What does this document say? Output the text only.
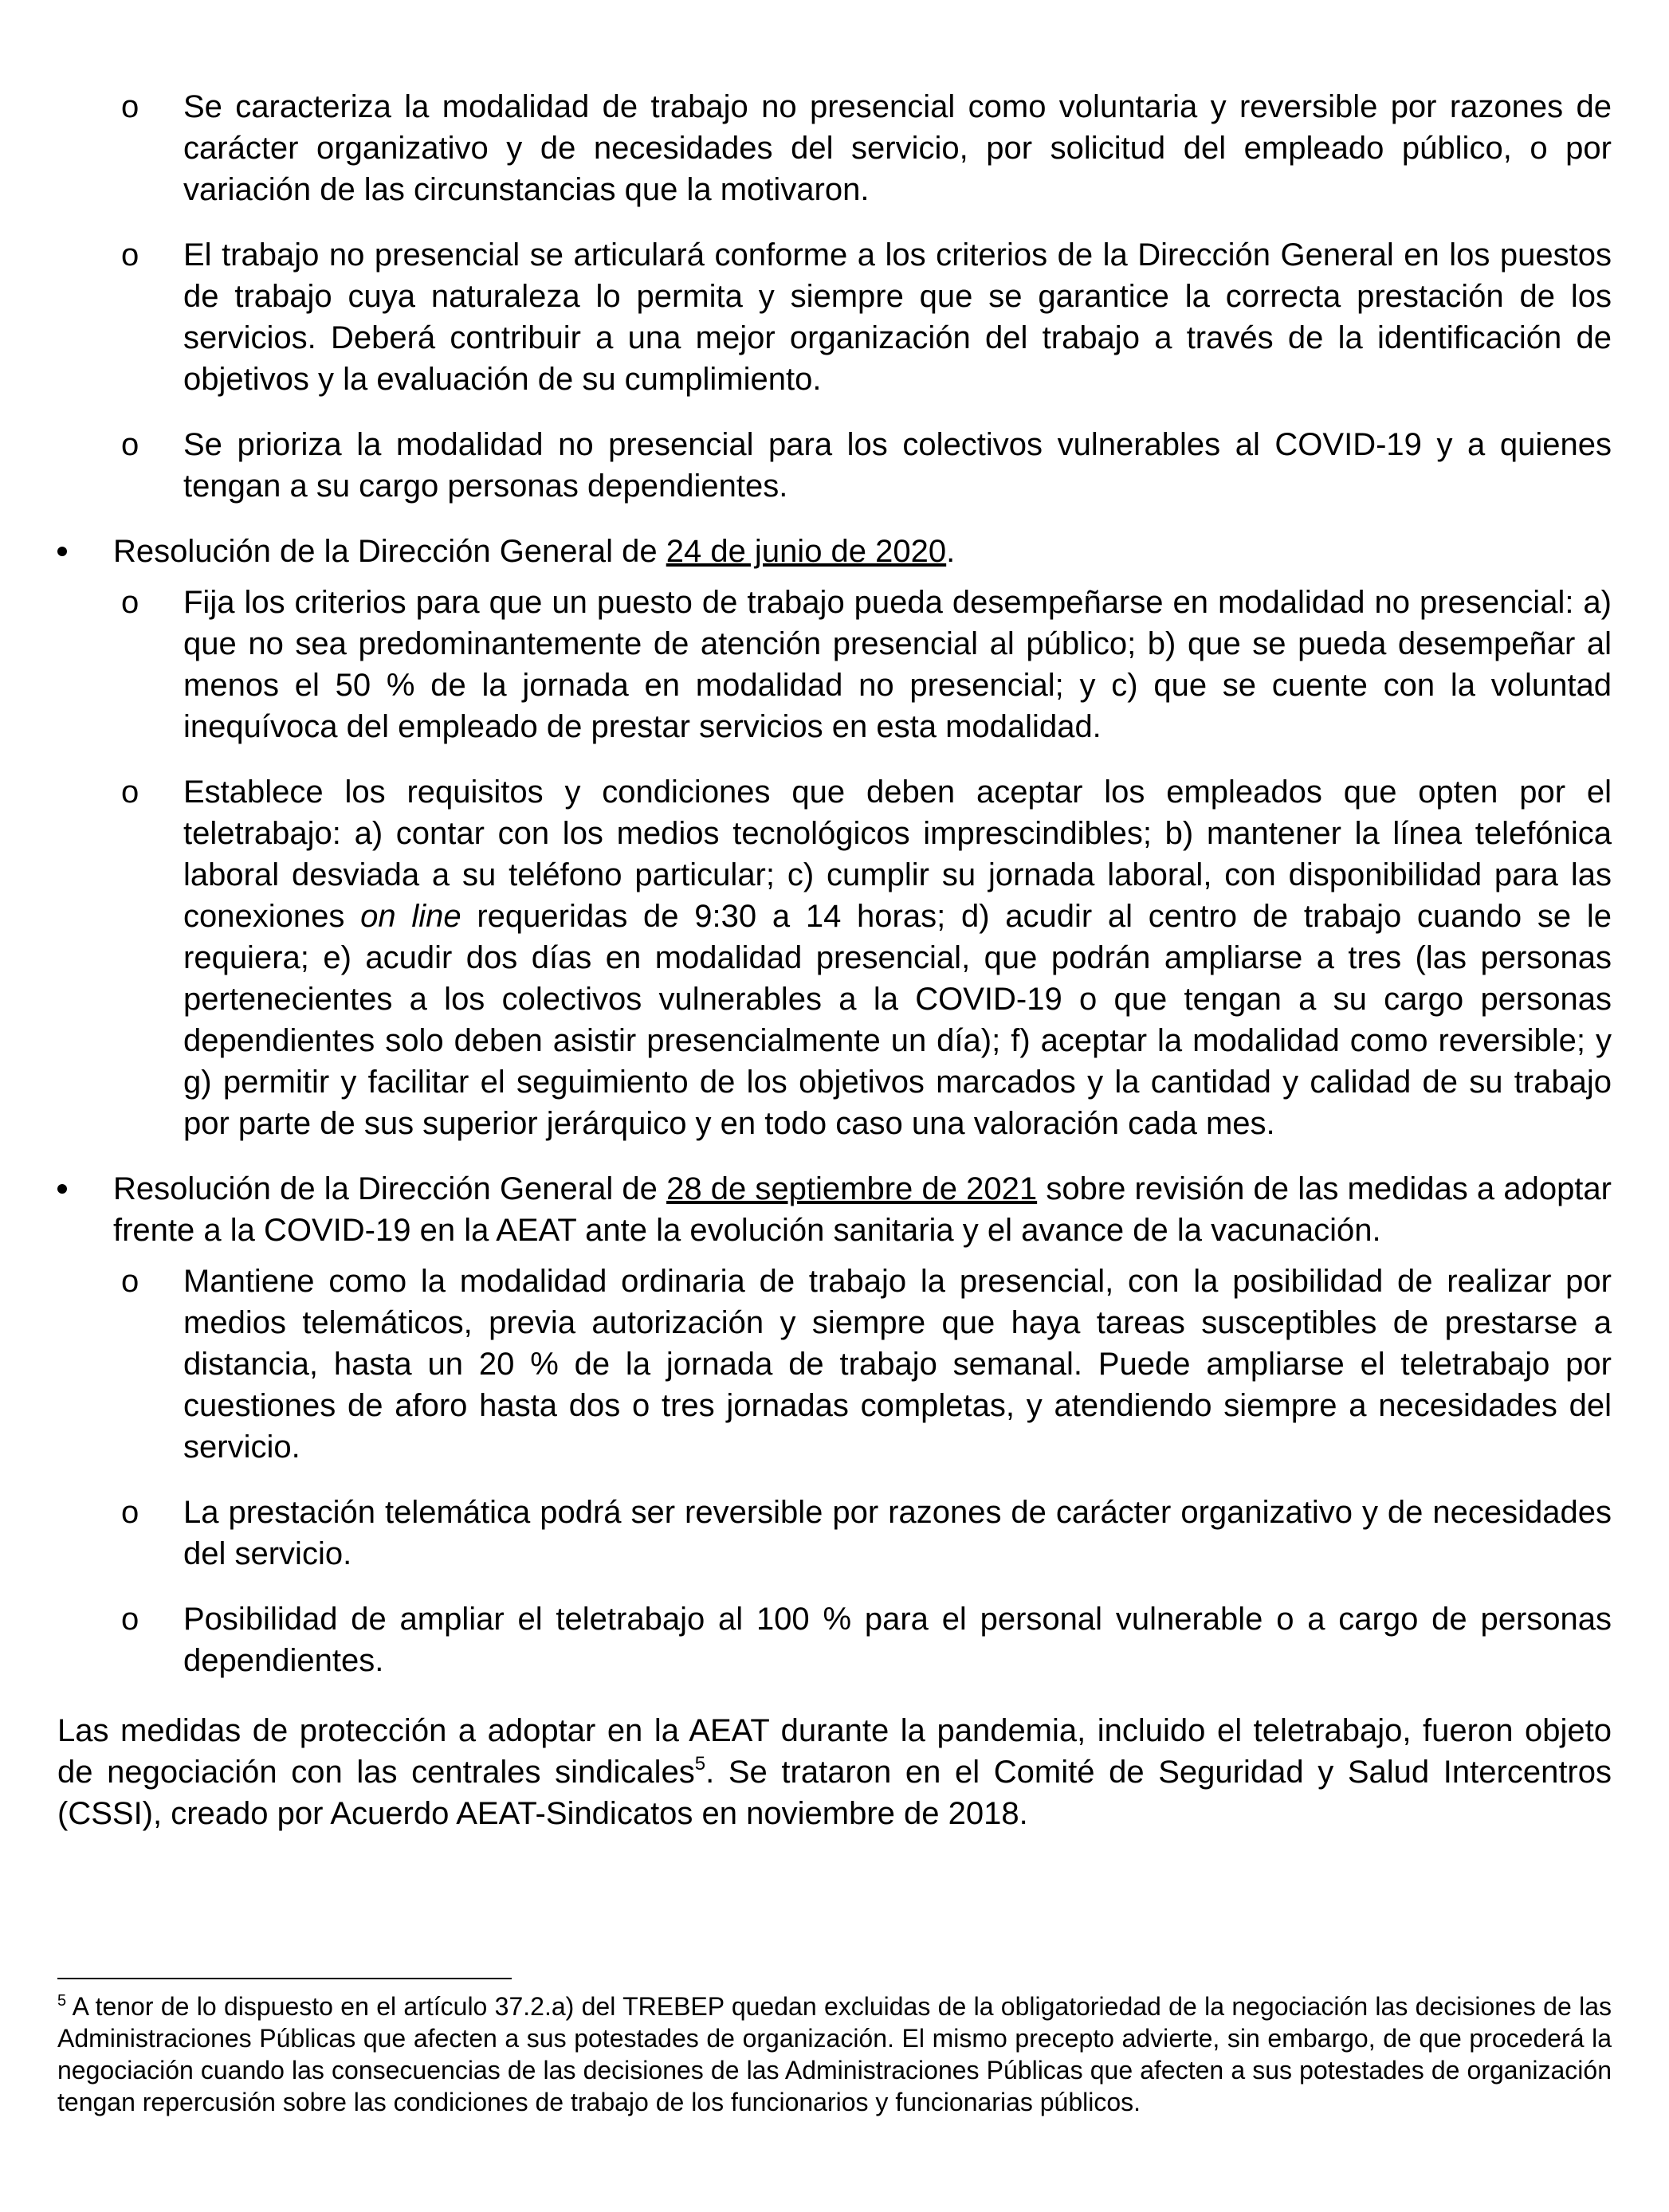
o	Se caracteriza la modalidad de trabajo no presencial como voluntaria y reversible por razones de carácter organizativo y de necesidades del servicio, por solicitud del empleado público, o por variación de las circunstancias que la motivaron.
o	El trabajo no presencial se articulará conforme a los criterios de la Dirección General en los puestos de trabajo cuya naturaleza lo permita y siempre que se garantice la correcta prestación de los servicios. Deberá contribuir a una mejor organización del trabajo a través de la identificación de objetivos y la evaluación de su cumplimiento.
o	Se prioriza la modalidad no presencial para los colectivos vulnerables al COVID-19 y a quienes tengan a su cargo personas dependientes.
Resolución de la Dirección General de 24 de junio de 2020.
o	Fija los criterios para que un puesto de trabajo pueda desempeñarse en modalidad no presencial: a) que no sea predominantemente de atención presencial al público; b) que se pueda desempeñar al menos el 50 % de la jornada en modalidad no presencial; y c) que se cuente con la voluntad inequívoca del empleado de prestar servicios en esta modalidad.
o	Establece los requisitos y condiciones que deben aceptar los empleados que opten por el teletrabajo: a) contar con los medios tecnológicos imprescindibles; b) mantener la línea telefónica laboral desviada a su teléfono particular; c) cumplir su jornada laboral, con disponibilidad para las conexiones on line requeridas de 9:30 a 14 horas; d) acudir al centro de trabajo cuando se le requiera; e) acudir dos días en modalidad presencial, que podrán ampliarse a tres (las personas pertenecientes a los colectivos vulnerables a la COVID-19 o que tengan a su cargo personas dependientes solo deben asistir presencialmente un día); f) aceptar la modalidad como reversible; y g) permitir y facilitar el seguimiento de los objetivos marcados y la cantidad y calidad de su trabajo por parte de sus superior jerárquico y en todo caso una valoración cada mes.
Resolución de la Dirección General de 28 de septiembre de 2021 sobre revisión de las medidas a adoptar frente a la COVID-19 en la AEAT ante la evolución sanitaria y el avance de la vacunación.
o	Mantiene como la modalidad ordinaria de trabajo la presencial, con la posibilidad de realizar por medios telemáticos, previa autorización y siempre que haya tareas susceptibles de prestarse a distancia, hasta un 20 % de la jornada de trabajo semanal. Puede ampliarse el teletrabajo por cuestiones de aforo hasta dos o tres jornadas completas, y atendiendo siempre a necesidades del servicio.
o	La prestación telemática podrá ser reversible por razones de carácter organizativo y de necesidades del servicio.
o	Posibilidad de ampliar el teletrabajo al 100 % para el personal vulnerable o a cargo de personas dependientes.

Las medidas de protección a adoptar en la AEAT durante la pandemia, incluido el teletrabajo, fueron objeto de negociación con las centrales sindicales$^5$. Se trataron en el Comité de Seguridad y Salud Intercentros (CSSI), creado por Acuerdo AEAT-Sindicatos en noviembre de 2018.

$^5$ A tenor de lo dispuesto en el artículo 37.2.a) del TREBEP quedan excluidas de la obligatoriedad de la negociación las decisiones de las Administraciones Públicas que afecten a sus potestades de organización. El mismo precepto advierte, sin embargo, de que procederá la negociación cuando las consecuencias de las decisiones de las Administraciones Públicas que afecten a sus potestades de organización tengan repercusión sobre las condiciones de trabajo de los funcionarios y funcionarias públicos.
